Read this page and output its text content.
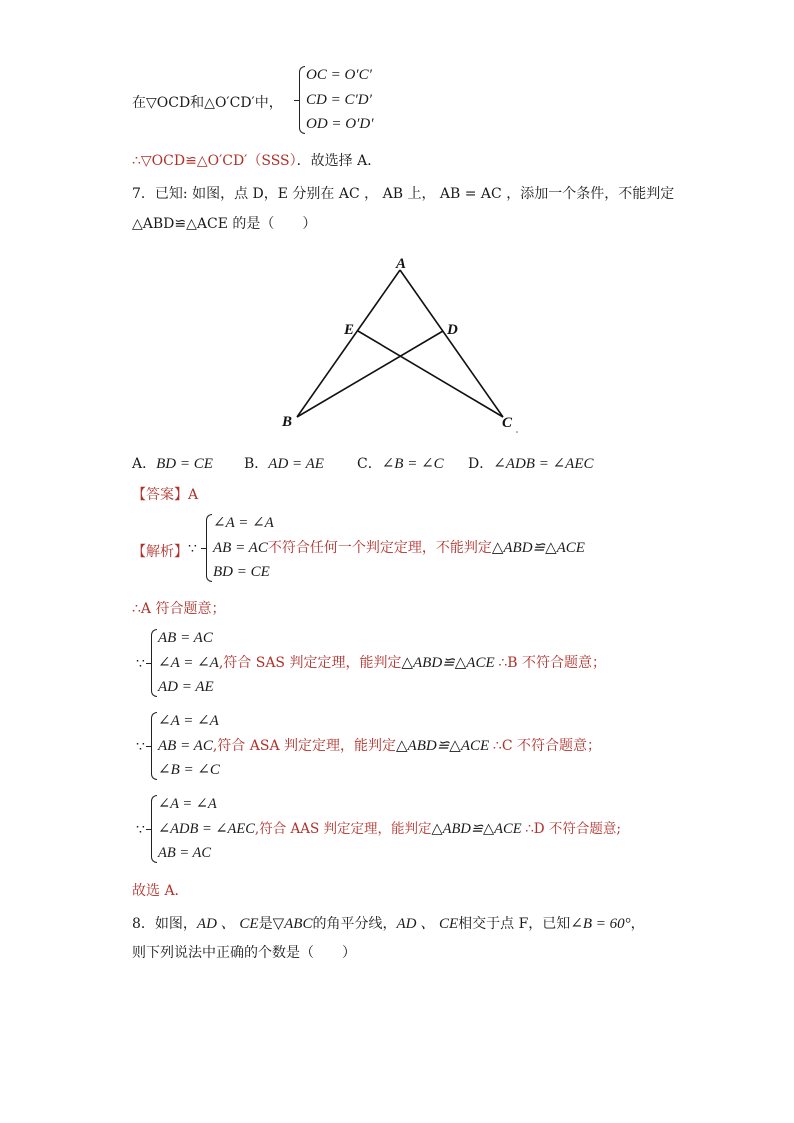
在▽OCD和△O′CD′中，
OC = O′C′
CD = C′D′
OD = O′D′
∴▽OCD≌△O′CD′（SSS）．故选择 A．
7．已知: 如图，点 D，E 分别在 AC ， AB 上， AB = AC ，添加一个条件，不能判定
△ABD≌△ACE 的是（　　）
A
E	D
B	C
A．BD = CE B．AD = AE C．∠B = ∠C D．∠ADB = ∠AEC
【答案】A
【解析】 ∵
∠A = ∠A
AB = AC不符合任何一个判定定理，不能判定△ABD≌△ACE
BD = CE
∴A 符合题意；
∵
AB = AC
∠A = ∠A,符合 SAS 判定定理，能判定△ABD≌△ACE ∴B 不符合题意；
AD = AE
∵
∠A = ∠A
AB = AC,符合 ASA 判定定理，能判定△ABD≌△ACE ∴C 不符合题意；
∠B = ∠C
∵
∠A = ∠A
∠ADB = ∠AEC,符合 AAS 判定定理，能判定△ABD≌△ACE ∴D 不符合题意;
AB = AC
故选 A．
8．如图，AD 、 CE是▽ABC的角平分线，AD 、 CE相交于点 F，已知∠B = 60°，
则下列说法中正确的个数是（　　）
